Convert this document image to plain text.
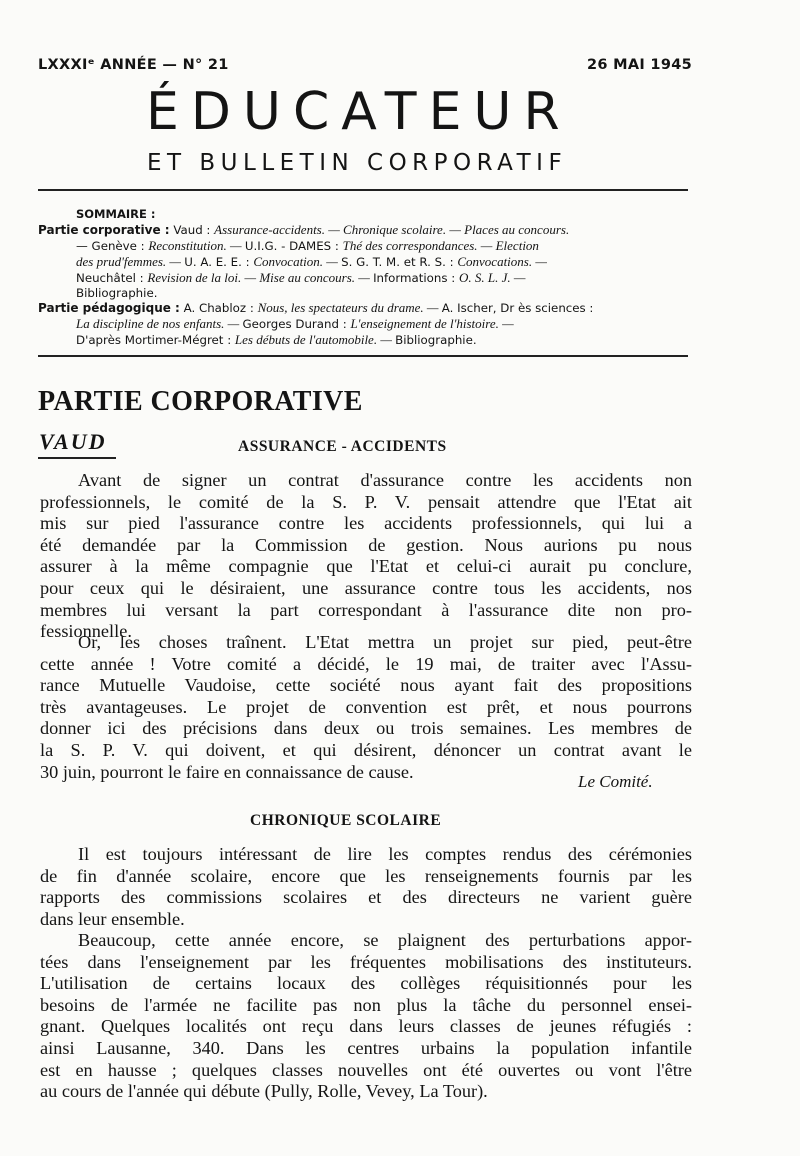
LXXXIᵉ ANNÉE — N° 21	26 MAI 1945
ÉDUCATEUR
ET BULLETIN CORPORATIF
SOMMAIRE :
Partie corporative : Vaud : Assurance-accidents. — Chronique scolaire. — Places au concours.
— Genève : Reconstitution. — U.I.G. - DAMES : Thé des correspondances. — Election
des prud'femmes. — U. A. E. E. : Convocation. — S. G. T. M. et R. S. : Convocations. —
Neuchâtel : Revision de la loi. — Mise au concours. — Informations : O. S. L. J. —
Bibliographie.
Partie pédagogique : A. Chabloz : Nous, les spectateurs du drame. — A. Ischer, Dr ès sciences :
La discipline de nos enfants. — Georges Durand : L'enseignement de l'histoire. —
D'après Mortimer-Mégret : Les débuts de l'automobile. — Bibliographie.
PARTIE CORPORATIVE
VAUD	ASSURANCE - ACCIDENTS
Avant de signer un contrat d'assurance contre les accidents non
professionnels, le comité de la S. P. V. pensait attendre que l'Etat ait
mis sur pied l'assurance contre les accidents professionnels, qui lui a
été demandée par la Commission de gestion. Nous aurions pu nous
assurer à la même compagnie que l'Etat et celui-ci aurait pu conclure,
pour ceux qui le désiraient, une assurance contre tous les accidents, nos
membres lui versant la part correspondant à l'assurance dite non pro-
fessionnelle.
Or, les choses traînent. L'Etat mettra un projet sur pied, peut-être
cette année ! Votre comité a décidé, le 19 mai, de traiter avec l'Assu-
rance Mutuelle Vaudoise, cette société nous ayant fait des propositions
très avantageuses. Le projet de convention est prêt, et nous pourrons
donner ici des précisions dans deux ou trois semaines. Les membres de
la S. P. V. qui doivent, et qui désirent, dénoncer un contrat avant le
30 juin, pourront le faire en connaissance de cause.	Le Comité.
CHRONIQUE SCOLAIRE
Il est toujours intéressant de lire les comptes rendus des cérémonies
de fin d'année scolaire, encore que les renseignements fournis par les
rapports des commissions scolaires et des directeurs ne varient guère
dans leur ensemble.
Beaucoup, cette année encore, se plaignent des perturbations appor-
tées dans l'enseignement par les fréquentes mobilisations des instituteurs.
L'utilisation de certains locaux des collèges réquisitionnés pour les
besoins de l'armée ne facilite pas non plus la tâche du personnel ensei-
gnant. Quelques localités ont reçu dans leurs classes de jeunes réfugiés :
ainsi Lausanne, 340. Dans les centres urbains la population infantile
est en hausse ; quelques classes nouvelles ont été ouvertes ou vont l'être
au cours de l'année qui débute (Pully, Rolle, Vevey, La Tour).
